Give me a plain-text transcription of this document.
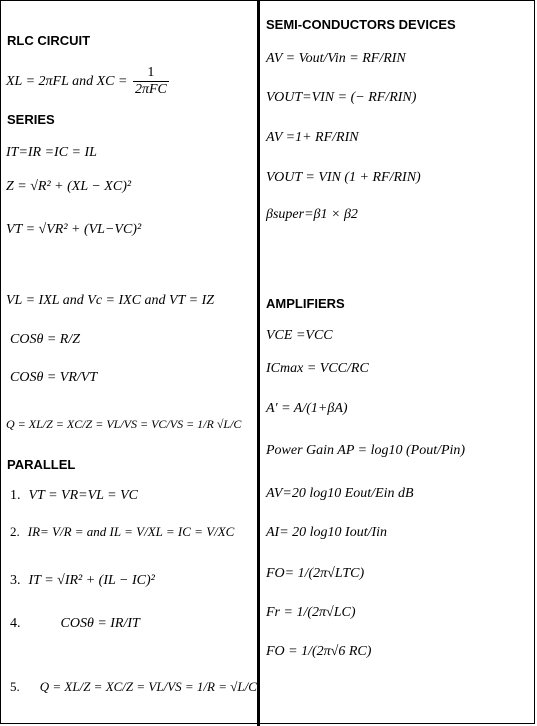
RLC CIRCUIT
XL = 2πFL and XC = $\frac{1}{\text{2πFC}}$
SERIES
IT=IR =IC = IL
Z = √R² + (XL − XC)²
VT = √VR² + (VL−VC)²
VL = IXL and Vc = IXC and VT = IZ
COSθ = R/Z
COSθ = VR/VT
Q = XL/Z = XC/Z = VL/VS = VC/VS = 1/R √L/C
PARALLEL
1. VT = VR=VL = VC
2. IR= V/R = and IL = V/XL = IC = V/XC
3. IT = √IR² + (IL − IC)²
4.	COSθ = IR/IT
5. Q = XL/Z = XC/Z = VL/VS = 1/R = √L/C
SEMI-CONDUCTORS DEVICES
AV = Vout/Vin = RF/RIN
VOUT=VIN = (− RF/RIN)
AV =1+ RF/RIN
VOUT = VIN (1 + RF/RIN)
βsuper=β1 × β2
AMPLIFIERS
VCE =VCC
ICmax = VCC/RC
A′ = A/(1+βA)
Power Gain AP = log10 (Pout/Pin)
AV=20 log10 Eout/Ein dB
AI= 20 log10 Iout/Iin
FO= 1/(2π√LTC)
Fr = 1/(2π√LC)
FO = 1/(2π√6 RC)
